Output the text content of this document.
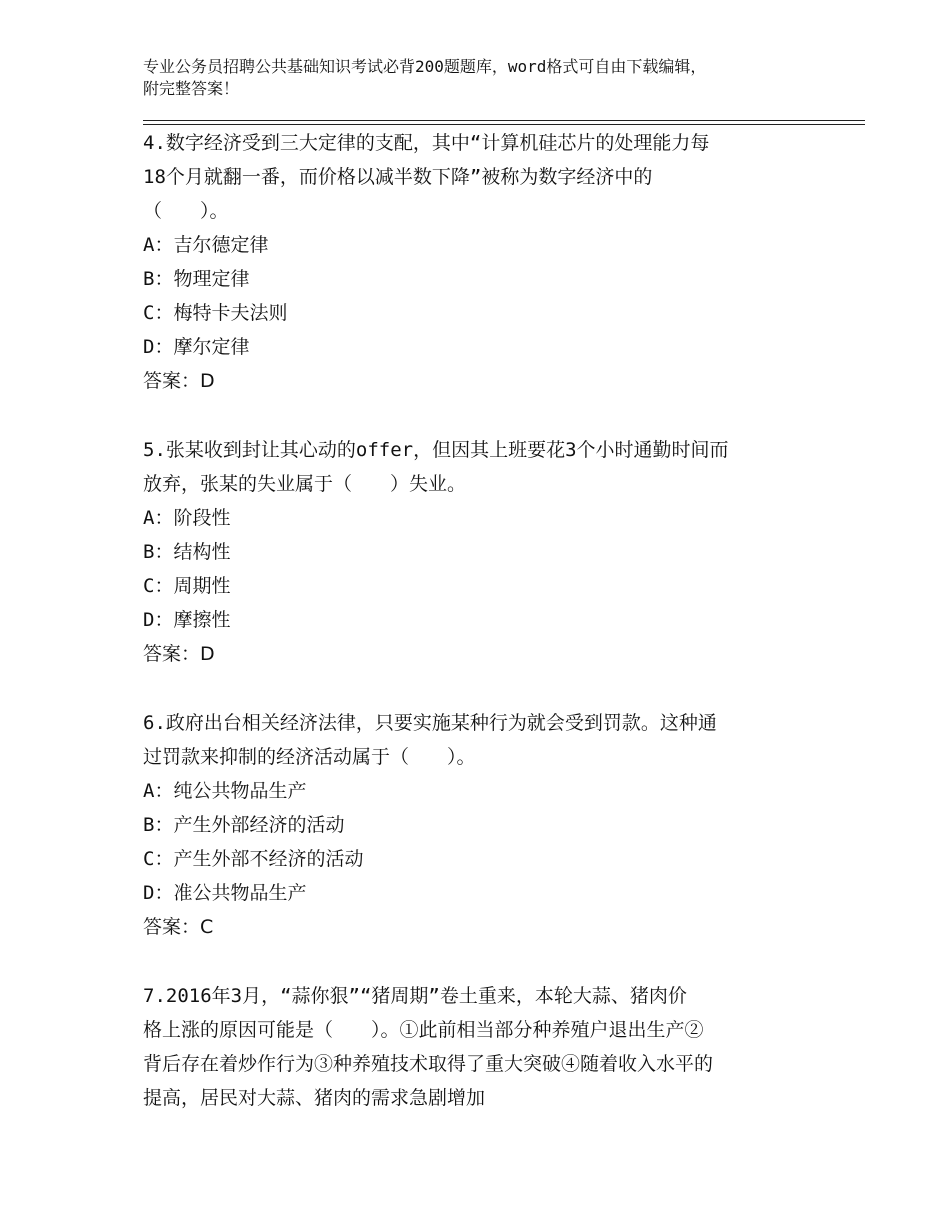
专业公务员招聘公共基础知识考试必背200题题库，word格式可自由下载编辑，
附完整答案！
4.数字经济受到三大定律的支配，其中“计算机硅芯片的处理能力每
18个月就翻一番，而价格以减半数下降”被称为数字经济中的
（　　）。
A：吉尔德定律
B：物理定律
C：梅特卡夫法则
D：摩尔定律
答案：D
5.张某收到封让其心动的offer，但因其上班要花3个小时通勤时间而
放弃，张某的失业属于（　　）失业。
A：阶段性
B：结构性
C：周期性
D：摩擦性
答案：D
6.政府出台相关经济法律，只要实施某种行为就会受到罚款。这种通
过罚款来抑制的经济活动属于（　　）。
A：纯公共物品生产
B：产生外部经济的活动
C：产生外部不经济的活动
D：准公共物品生产
答案：C
7.2016年3月，“蒜你狠”“猪周期”卷土重来，本轮大蒜、猪肉价
格上涨的原因可能是（　　）。①此前相当部分种养殖户退出生产②
背后存在着炒作行为③种养殖技术取得了重大突破④随着收入水平的
提高，居民对大蒜、猪肉的需求急剧增加
